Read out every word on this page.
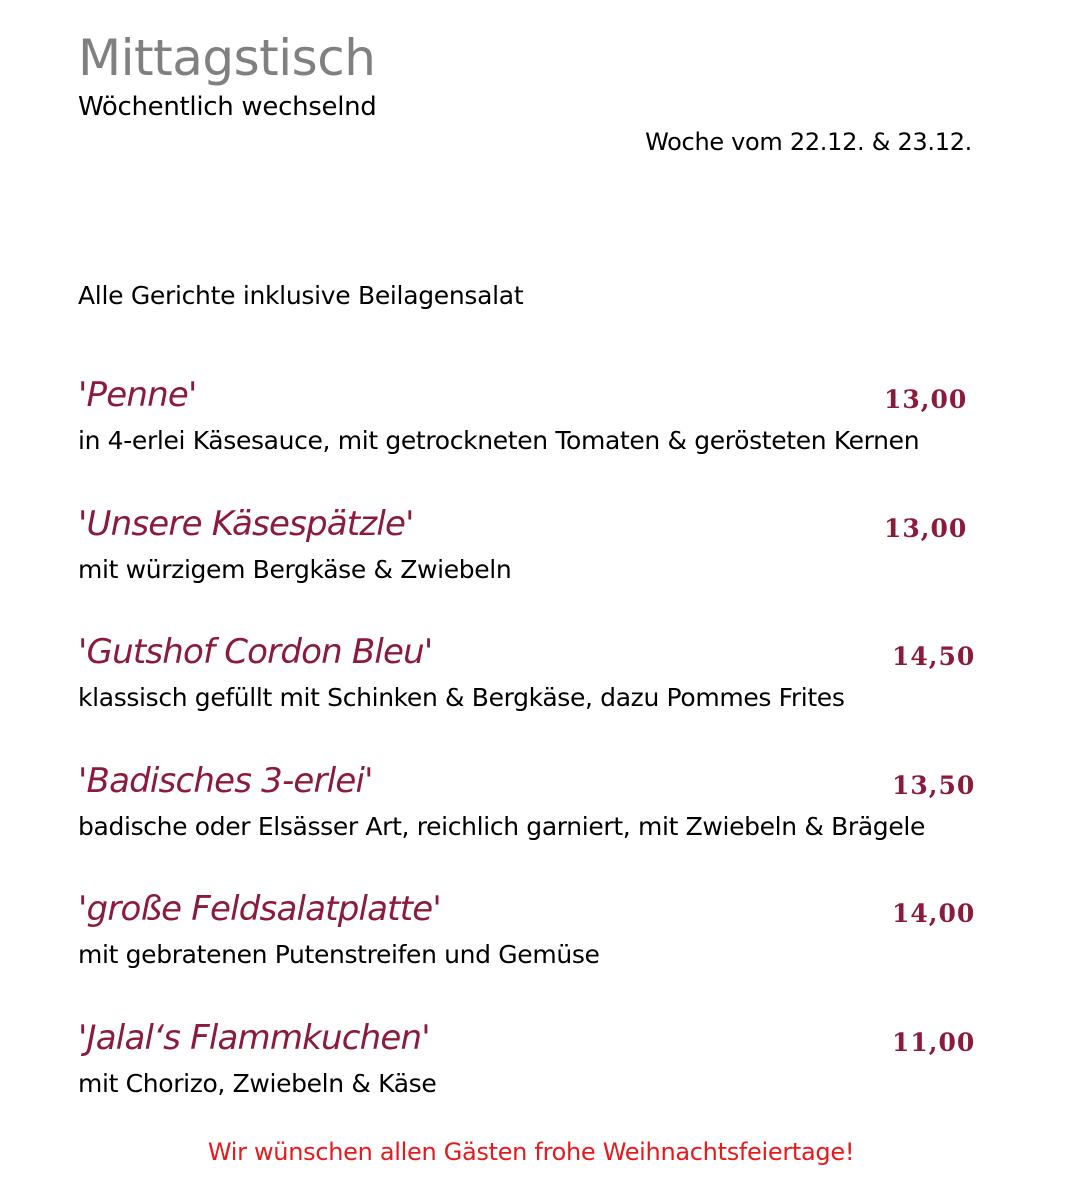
Mittagstisch
Wöchentlich wechselnd
Woche vom 22.12. & 23.12.
Alle Gerichte inklusive Beilagensalat
'Penne'	13,00
in 4-erlei Käsesauce, mit getrockneten Tomaten & gerösteten Kernen
'Unsere Käsespätzle'	13,00
mit würzigem Bergkäse & Zwiebeln
'Gutshof Cordon Bleu'	14,50
klassisch gefüllt mit Schinken & Bergkäse, dazu Pommes Frites
'Badisches 3-erlei'	13,50
badische oder Elsässer Art, reichlich garniert, mit Zwiebeln & Brägele
'große Feldsalatplatte'	14,00
mit gebratenen Putenstreifen und Gemüse
'Jalal‘s Flammkuchen'	11,00
mit Chorizo, Zwiebeln & Käse
Wir wünschen allen Gästen frohe Weihnachtsfeiertage!
